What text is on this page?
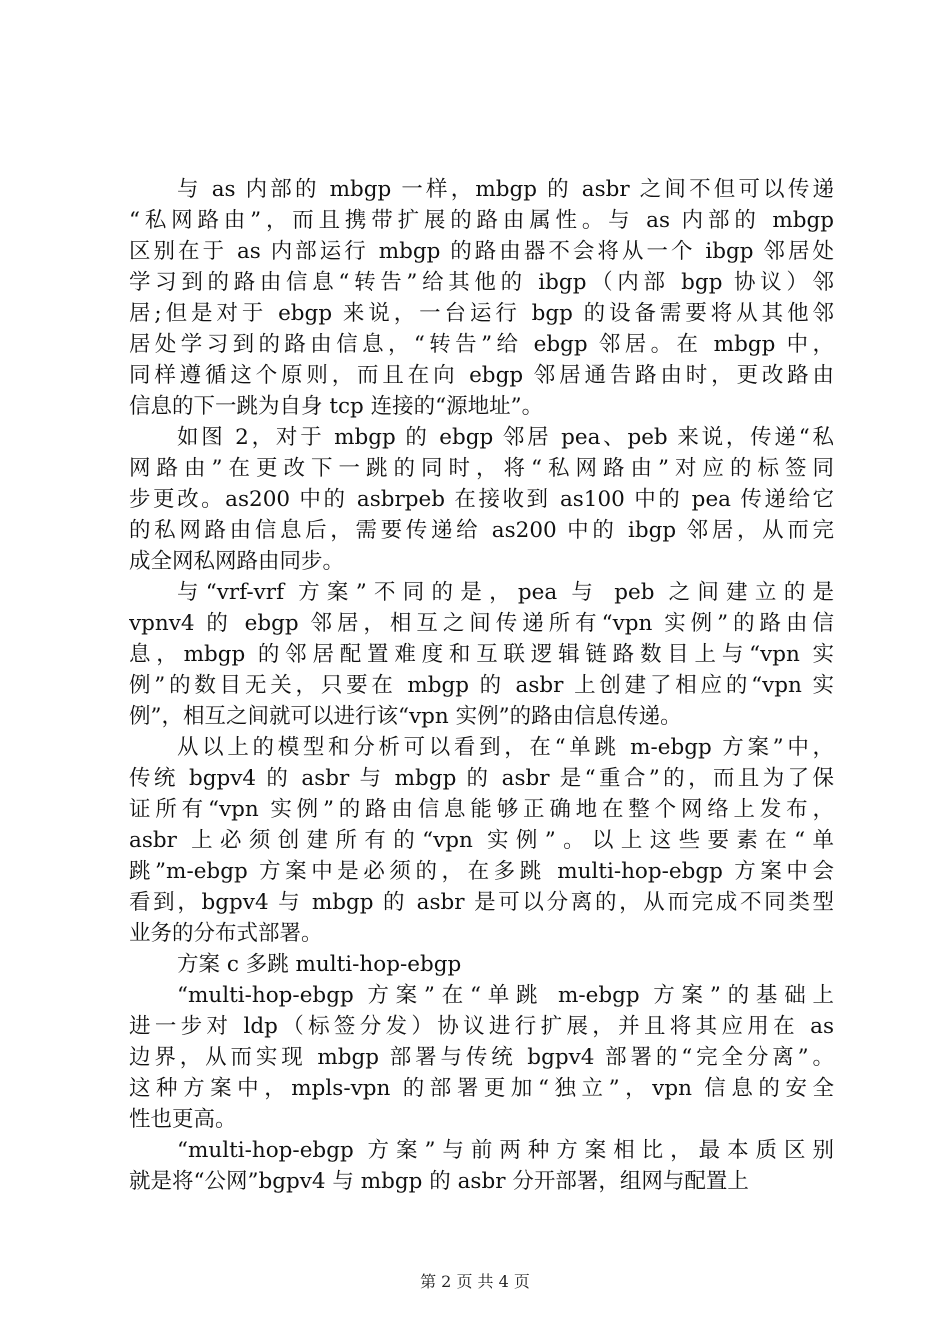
与 as 内部的 mbgp 一样，mbgp 的 asbr 之间不但可以传递
“私网路由”，而且携带扩展的路由属性。与 as 内部的 mbgp
区别在于 as 内部运行 mbgp 的路由器不会将从一个 ibgp 邻居处
学习到的路由信息“转告”给其他的 ibgp（内部 bgp 协议）邻
居;但是对于 ebgp 来说，一台运行 bgp 的设备需要将从其他邻
居处学习到的路由信息，“转告”给 ebgp 邻居。在 mbgp 中，
同样遵循这个原则，而且在向 ebgp 邻居通告路由时，更改路由
信息的下一跳为自身 tcp 连接的“源地址”。
如图 2，对于 mbgp 的 ebgp 邻居 pea、peb 来说，传递“私
网路由”在更改下一跳的同时，将“私网路由”对应的标签同
步更改。as200 中的 asbrpeb 在接收到 as100 中的 pea 传递给它
的私网路由信息后，需要传递给 as200 中的 ibgp 邻居，从而完
成全网私网路由同步。
与“vrf-vrf 方案”不同的是，pea 与 peb 之间建立的是
vpnv4 的 ebgp 邻居，相互之间传递所有“vpn 实例”的路由信
息，mbgp 的邻居配置难度和互联逻辑链路数目上与“vpn 实
例”的数目无关，只要在 mbgp 的 asbr 上创建了相应的“vpn 实
例”，相互之间就可以进行该“vpn 实例”的路由信息传递。
从以上的模型和分析可以看到，在“单跳 m-ebgp 方案”中，
传统 bgpv4 的 asbr 与 mbgp 的 asbr 是“重合”的，而且为了保
证所有“vpn 实例”的路由信息能够正确地在整个网络上发布，
asbr 上必须创建所有的“vpn 实例”。以上这些要素在“单
跳”m-ebgp 方案中是必须的，在多跳 multi-hop-ebgp 方案中会
看到，bgpv4 与 mbgp 的 asbr 是可以分离的，从而完成不同类型
业务的分布式部署。
方案 c 多跳 multi-hop-ebgp
“multi-hop-ebgp 方案”在“单跳 m-ebgp 方案”的基础上
进一步对 ldp（标签分发）协议进行扩展，并且将其应用在 as
边界，从而实现 mbgp 部署与传统 bgpv4 部署的“完全分离”。
这种方案中，mpls-vpn 的部署更加“独立”，vpn 信息的安全
性也更高。
“multi-hop-ebgp 方案”与前两种方案相比，最本质区别
就是将“公网”bgpv4 与 mbgp 的 asbr 分开部署，组网与配置上
第 2 页 共 4 页
